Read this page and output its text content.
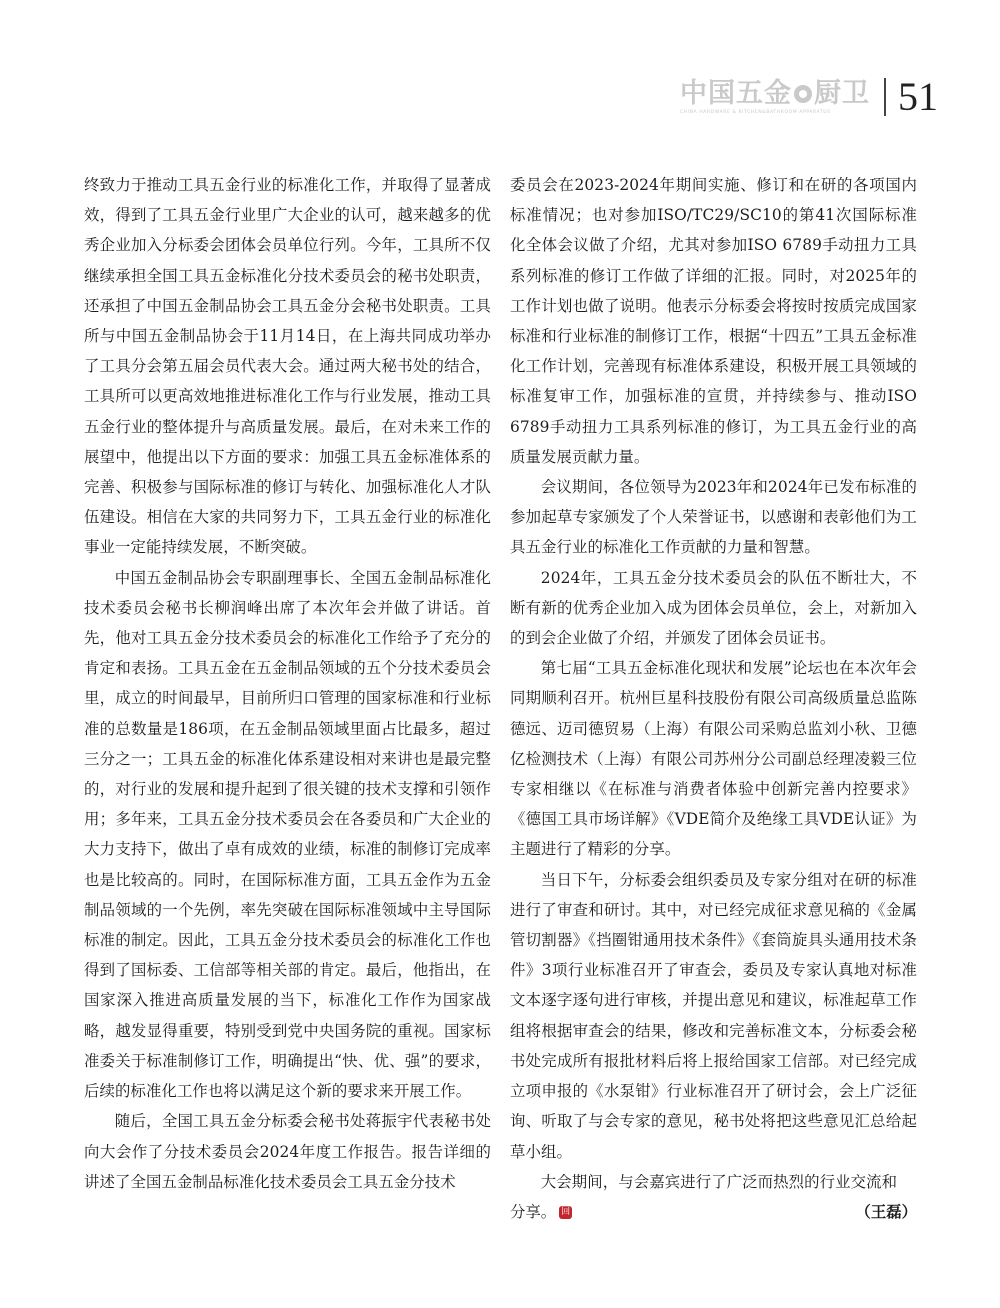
中国五金 厨卫
CHINA HARDWARE & KITCHEN&BATHROOM APPARATUS 51

终致力于推动工具五金行业的标准化工作，并取得了显著成效，得到了工具五金行业里广大企业的认可，越来越多的优秀企业加入分标委会团体会员单位行列。今年，工具所不仅继续承担全国工具五金标准化分技术委员会的秘书处职责，还承担了中国五金制品协会工具五金分会秘书处职责。工具所与中国五金制品协会于11月14日，在上海共同成功举办了工具分会第五届会员代表大会。通过两大秘书处的结合，工具所可以更高效地推进标准化工作与行业发展，推动工具五金行业的整体提升与高质量发展。最后，在对未来工作的展望中，他提出以下方面的要求：加强工具五金标准体系的完善、积极参与国际标准的修订与转化、加强标准化人才队伍建设。相信在大家的共同努力下，工具五金行业的标准化事业一定能持续发展，不断突破。

中国五金制品协会专职副理事长、全国五金制品标准化技术委员会秘书长柳润峰出席了本次年会并做了讲话。首先，他对工具五金分技术委员会的标准化工作给予了充分的肯定和表扬。工具五金在五金制品领域的五个分技术委员会里，成立的时间最早，目前所归口管理的国家标准和行业标准的总数量是186项，在五金制品领域里面占比最多，超过三分之一；工具五金的标准化体系建设相对来讲也是最完整的，对行业的发展和提升起到了很关键的技术支撑和引领作用；多年来，工具五金分技术委员会在各委员和广大企业的大力支持下，做出了卓有成效的业绩，标准的制修订完成率也是比较高的。同时，在国际标准方面，工具五金作为五金制品领域的一个先例，率先突破在国际标准领域中主导国际标准的制定。因此，工具五金分技术委员会的标准化工作也得到了国标委、工信部等相关部的肯定。最后，他指出，在国家深入推进高质量发展的当下，标准化工作作为国家战略，越发显得重要，特别受到党中央国务院的重视。国家标准委关于标准制修订工作，明确提出“快、优、强”的要求，后续的标准化工作也将以满足这个新的要求来开展工作。

随后，全国工具五金分标委会秘书处蒋振宇代表秘书处向大会作了分技术委员会2024年度工作报告。报告详细的讲述了全国五金制品标准化技术委员会工具五金分技术

委员会在2023-2024年期间实施、修订和在研的各项国内标准情况；也对参加ISO/TC29/SC10的第41次国际标准化全体会议做了介绍，尤其对参加ISO 6789手动扭力工具系列标准的修订工作做了详细的汇报。同时，对2025年的工作计划也做了说明。他表示分标委会将按时按质完成国家标准和行业标准的制修订工作，根据“十四五”工具五金标准化工作计划，完善现有标准体系建设，积极开展工具领域的标准复审工作，加强标准的宣贯，并持续参与、推动ISO 6789手动扭力工具系列标准的修订，为工具五金行业的高质量发展贡献力量。

会议期间，各位领导为2023年和2024年已发布标准的参加起草专家颁发了个人荣誉证书，以感谢和表彰他们为工具五金行业的标准化工作贡献的力量和智慧。

2024年，工具五金分技术委员会的队伍不断壮大，不断有新的优秀企业加入成为团体会员单位，会上，对新加入的到会企业做了介绍，并颁发了团体会员证书。

第七届“工具五金标准化现状和发展”论坛也在本次年会同期顺利召开。杭州巨星科技股份有限公司高级质量总监陈德远、迈司德贸易（上海）有限公司采购总监刘小秋、卫德亿检测技术（上海）有限公司苏州分公司副总经理凌毅三位专家相继以《在标准与消费者体验中创新完善内控要求》《德国工具市场详解》《VDE简介及绝缘工具VDE认证》为主题进行了精彩的分享。

当日下午，分标委会组织委员及专家分组对在研的标准进行了审查和研讨。其中，对已经完成征求意见稿的《金属管切割器》《挡圈钳通用技术条件》《套筒旋具头通用技术条件》3项行业标准召开了审查会，委员及专家认真地对标准文本逐字逐句进行审核，并提出意见和建议，标准起草工作组将根据审查会的结果，修改和完善标准文本，分标委会秘书处完成所有报批材料后将上报给国家工信部。对已经完成立项申报的《水泵钳》行业标准召开了研讨会，会上广泛征询、听取了与会专家的意见，秘书处将把这些意见汇总给起草小组。

大会期间，与会嘉宾进行了广泛而热烈的行业交流和

分享。 回	（王磊）
